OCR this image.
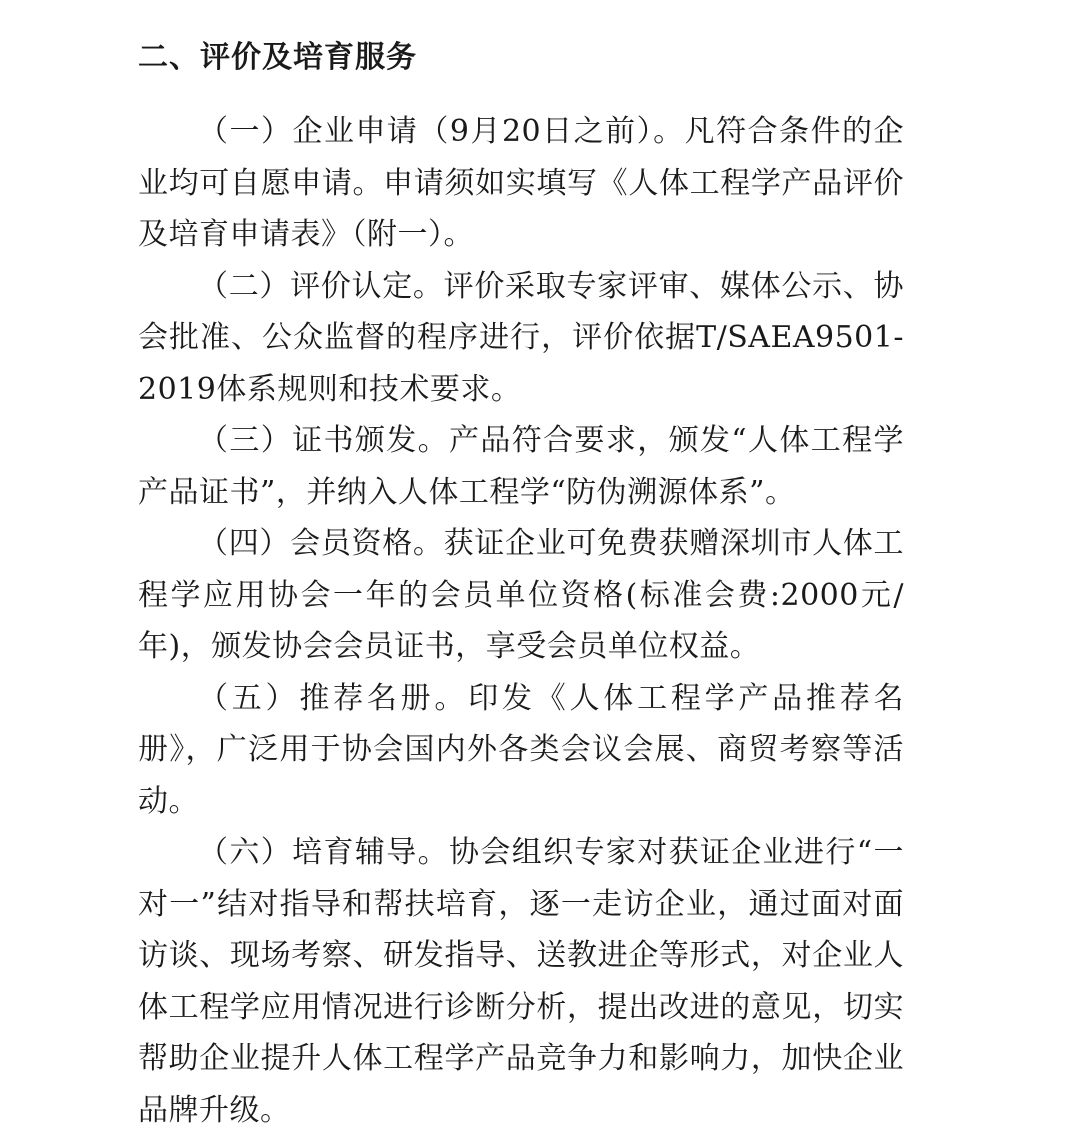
二、评价及培育服务

（一）企业申请（9月20日之前）。凡符合条件的企业均可自愿申请。申请须如实填写《人体工程学产品评价及培育申请表》（附一）。

（二）评价认定。评价采取专家评审、媒体公示、协会批准、公众监督的程序进行，评价依据T/SAEA9501-2019体系规则和技术要求。

（三）证书颁发。产品符合要求，颁发“人体工程学产品证书”，并纳入人体工程学“防伪溯源体系”。

（四）会员资格。获证企业可免费获赠深圳市人体工程学应用协会一年的会员单位资格(标准会费:2000元/年)，颁发协会会员证书，享受会员单位权益。

（五）推荐名册。印发《人体工程学产品推荐名册》，广泛用于协会国内外各类会议会展、商贸考察等活动。

（六）培育辅导。协会组织专家对获证企业进行“一对一”结对指导和帮扶培育，逐一走访企业，通过面对面访谈、现场考察、研发指导、送教进企等形式，对企业人体工程学应用情况进行诊断分析，提出改进的意见，切实帮助企业提升人体工程学产品竞争力和影响力，加快企业品牌升级。
